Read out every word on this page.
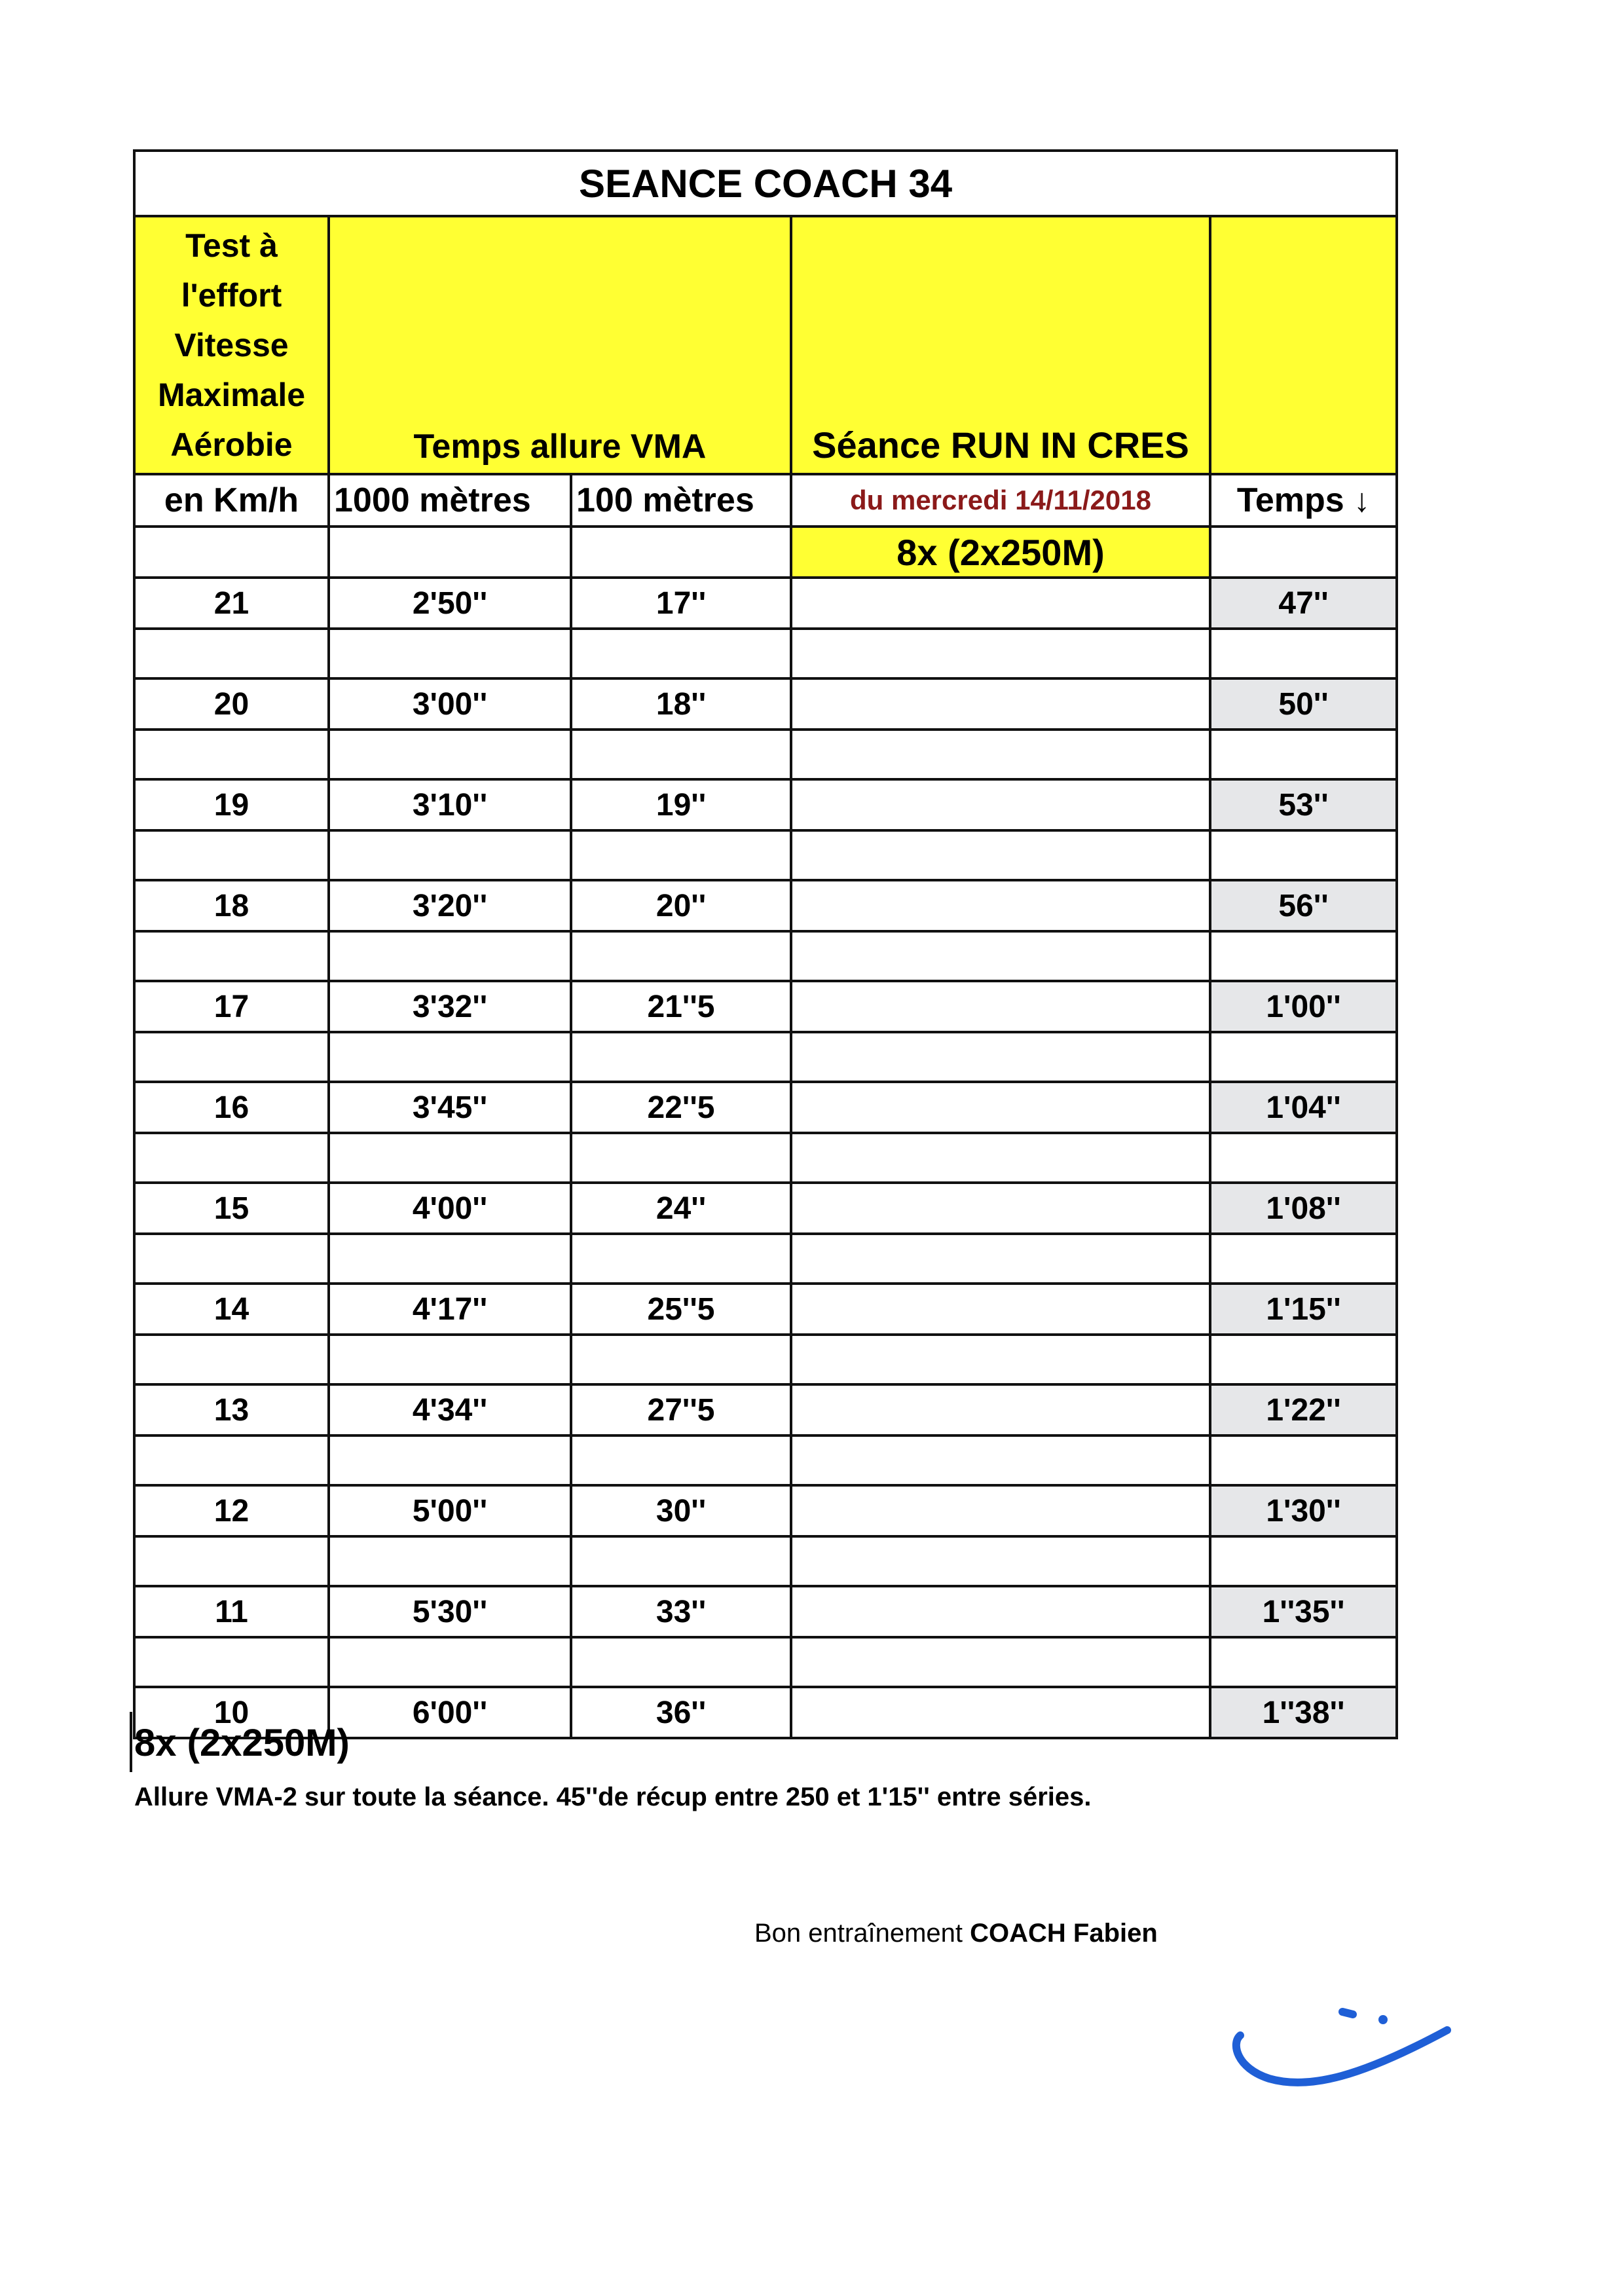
SEANCE COACH 34				

Test à
l'effort
Vitesse
Maximale
Aérobie	Temps allure VMA		Séance RUN IN CRES	
en Km/h	1000 mètres	100 mètres	du mercredi 14/11/2018	Temps ↓
			8x (2x250M)	
21	2'50''	17''		47''

20	3'00''	18''		50''

19	3'10''	19''		53''

18	3'20''	20''		56''

17	3'32''	21''5		1'00''

16	3'45''	22''5		1'04''

15	4'00''	24''		1'08''

14	4'17''	25''5		1'15''

13	4'34''	27''5		1'22''

12	5'00''	30''		1'30''

11	5'30''	33''		1''35''

10	6'00''	36''		1''38''
8x (2x250M)
Allure VMA-2 sur toute la séance. 45''de récup entre 250 et 1'15'' entre séries.
Bon entraînement COACH Fabien
